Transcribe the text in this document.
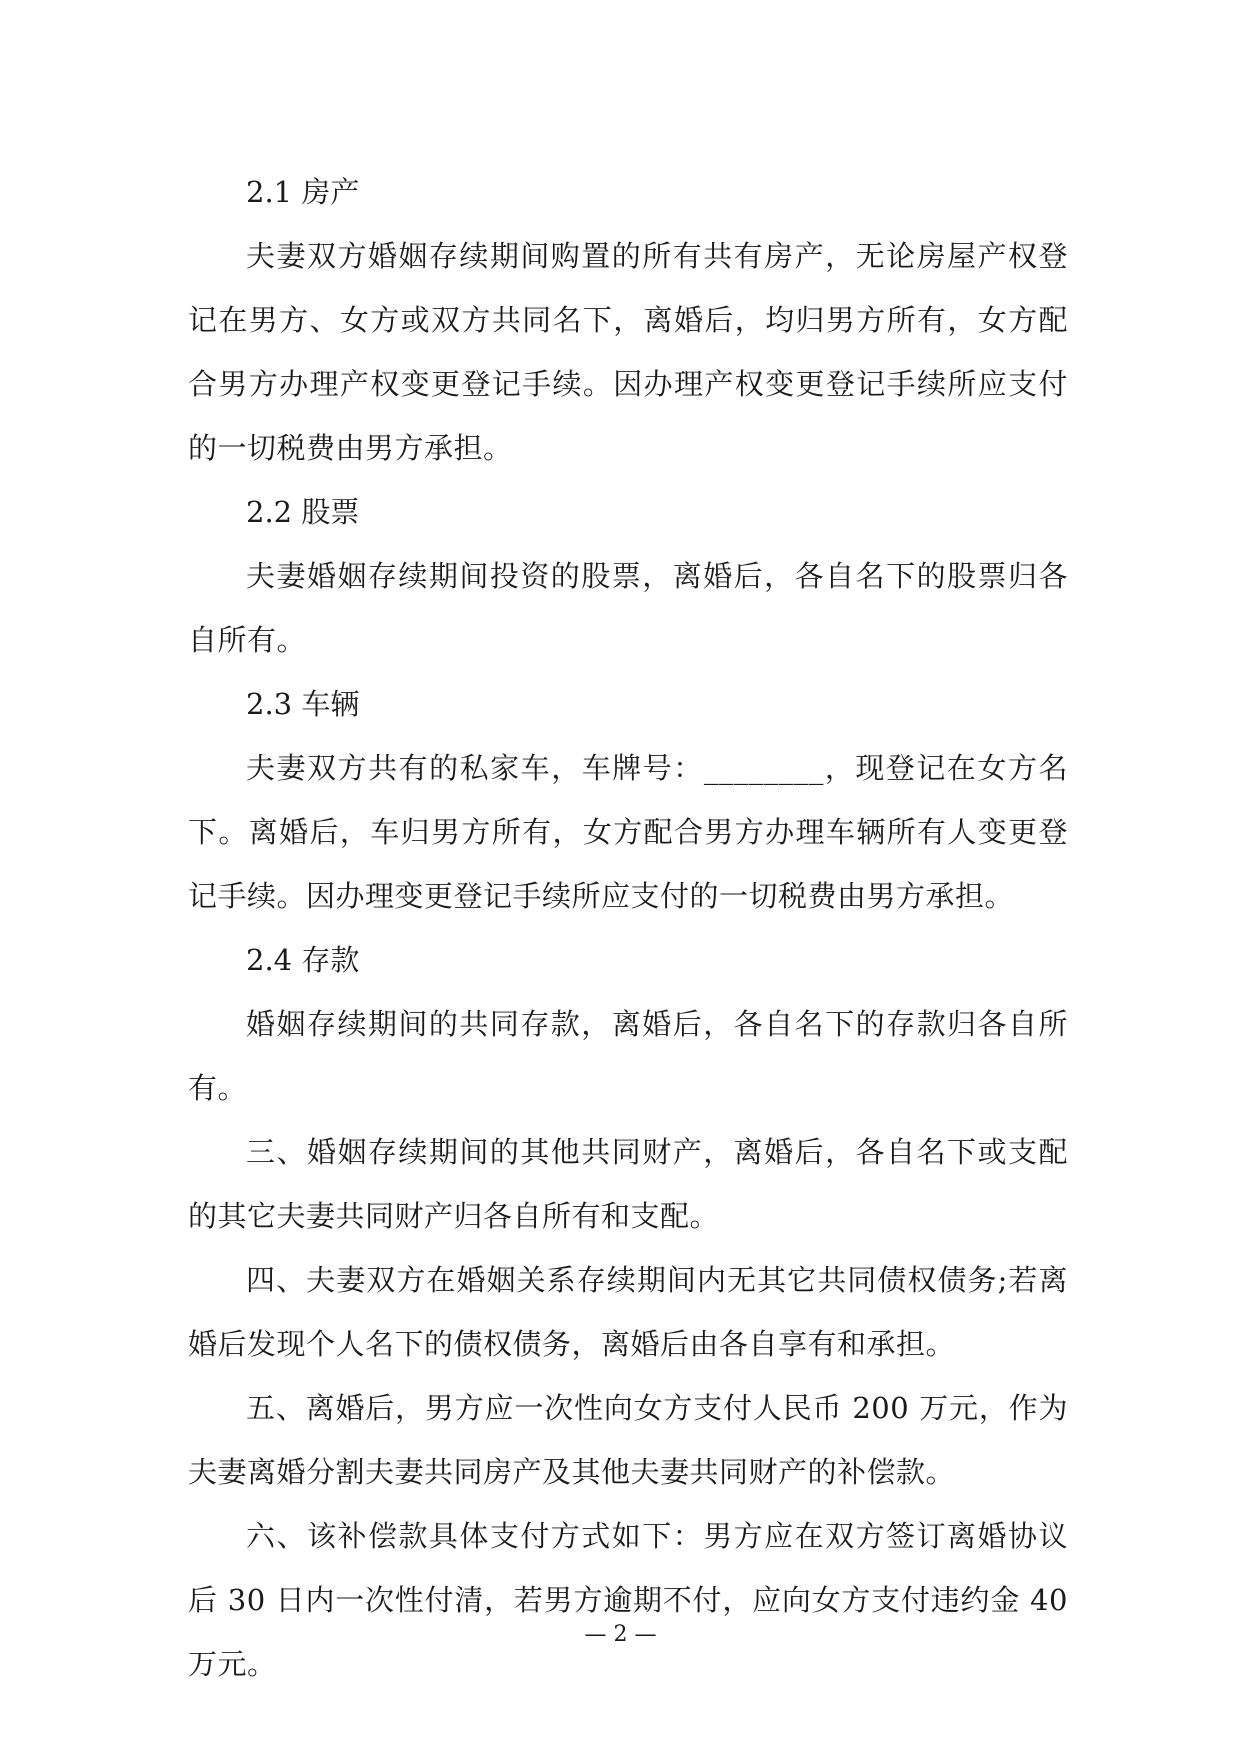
2.1 房产

夫妻双方婚姻存续期间购置的所有共有房产，无论房屋产权登记在男方、女方或双方共同名下，离婚后，均归男方所有，女方配合男方办理产权变更登记手续。因办理产权变更登记手续所应支付的一切税费由男方承担。

2.2 股票

夫妻婚姻存续期间投资的股票，离婚后，各自名下的股票归各自所有。

2.3 车辆

夫妻双方共有的私家车，车牌号：________，现登记在女方名下。离婚后，车归男方所有，女方配合男方办理车辆所有人变更登记手续。因办理变更登记手续所应支付的一切税费由男方承担。

2.4 存款

婚姻存续期间的共同存款，离婚后，各自名下的存款归各自所有。

三、婚姻存续期间的其他共同财产，离婚后，各自名下或支配的其它夫妻共同财产归各自所有和支配。

四、夫妻双方在婚姻关系存续期间内无其它共同债权债务;若离婚后发现个人名下的债权债务，离婚后由各自享有和承担。

五、离婚后，男方应一次性向女方支付人民币 200 万元，作为夫妻离婚分割夫妻共同房产及其他夫妻共同财产的补偿款。

六、该补偿款具体支付方式如下：男方应在双方签订离婚协议后 30 日内一次性付清，若男方逾期不付，应向女方支付违约金 40 万元。

— 2 —
